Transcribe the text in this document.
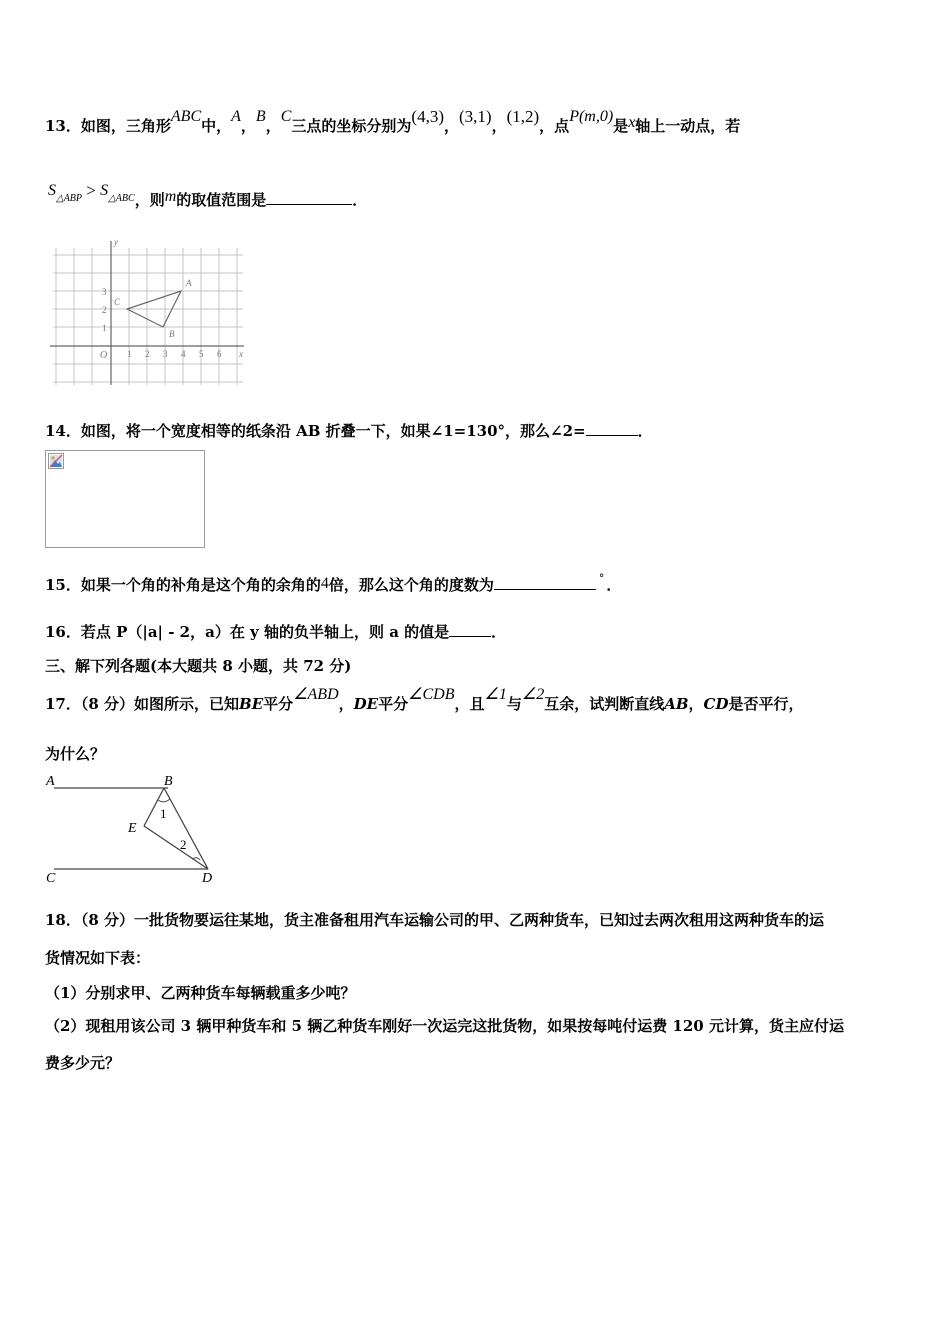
13．如图，三角形ABC中，A，B，C三点的坐标分别为(4,3)，(3,1)，(1,2)，点P(m,0)是x轴上一动点，若
$S^{\triangle ABP} > S^{\triangle ABC}$，则m的取值范围是	．
y
x
O 1 2 3 4 5 6
1
2
3
A
B
C
14．如图，将一个宽度相等的纸条沿 AB 折叠一下，如果∠1=130°，那么∠2=	．
15．如果一个角的补角是这个角的余角的4倍，那么这个角的度数为	° ．
16．若点 P（|a| - 2，a）在 y 轴的负半轴上，则 a 的值是	．
三、解下列各题(本大题共 8 小题，共 72 分)
17．（8 分）如图所示，已知BE平分∠ABD，DE平分∠CDB，且∠1与∠2互余，试判断直线AB，CD是否平行，
为什么？
A	B
C	D
E
1
2
18．（8 分）一批货物要运往某地，货主准备租用汽车运输公司的甲、乙两种货车，已知过去两次租用这两种货车的运
货情况如下表：
（1）分别求甲、乙两种货车每辆载重多少吨？
（2）现租用该公司 3 辆甲种货车和 5 辆乙种货车刚好一次运完这批货物，如果按每吨付运费 120 元计算，货主应付运
费多少元？
